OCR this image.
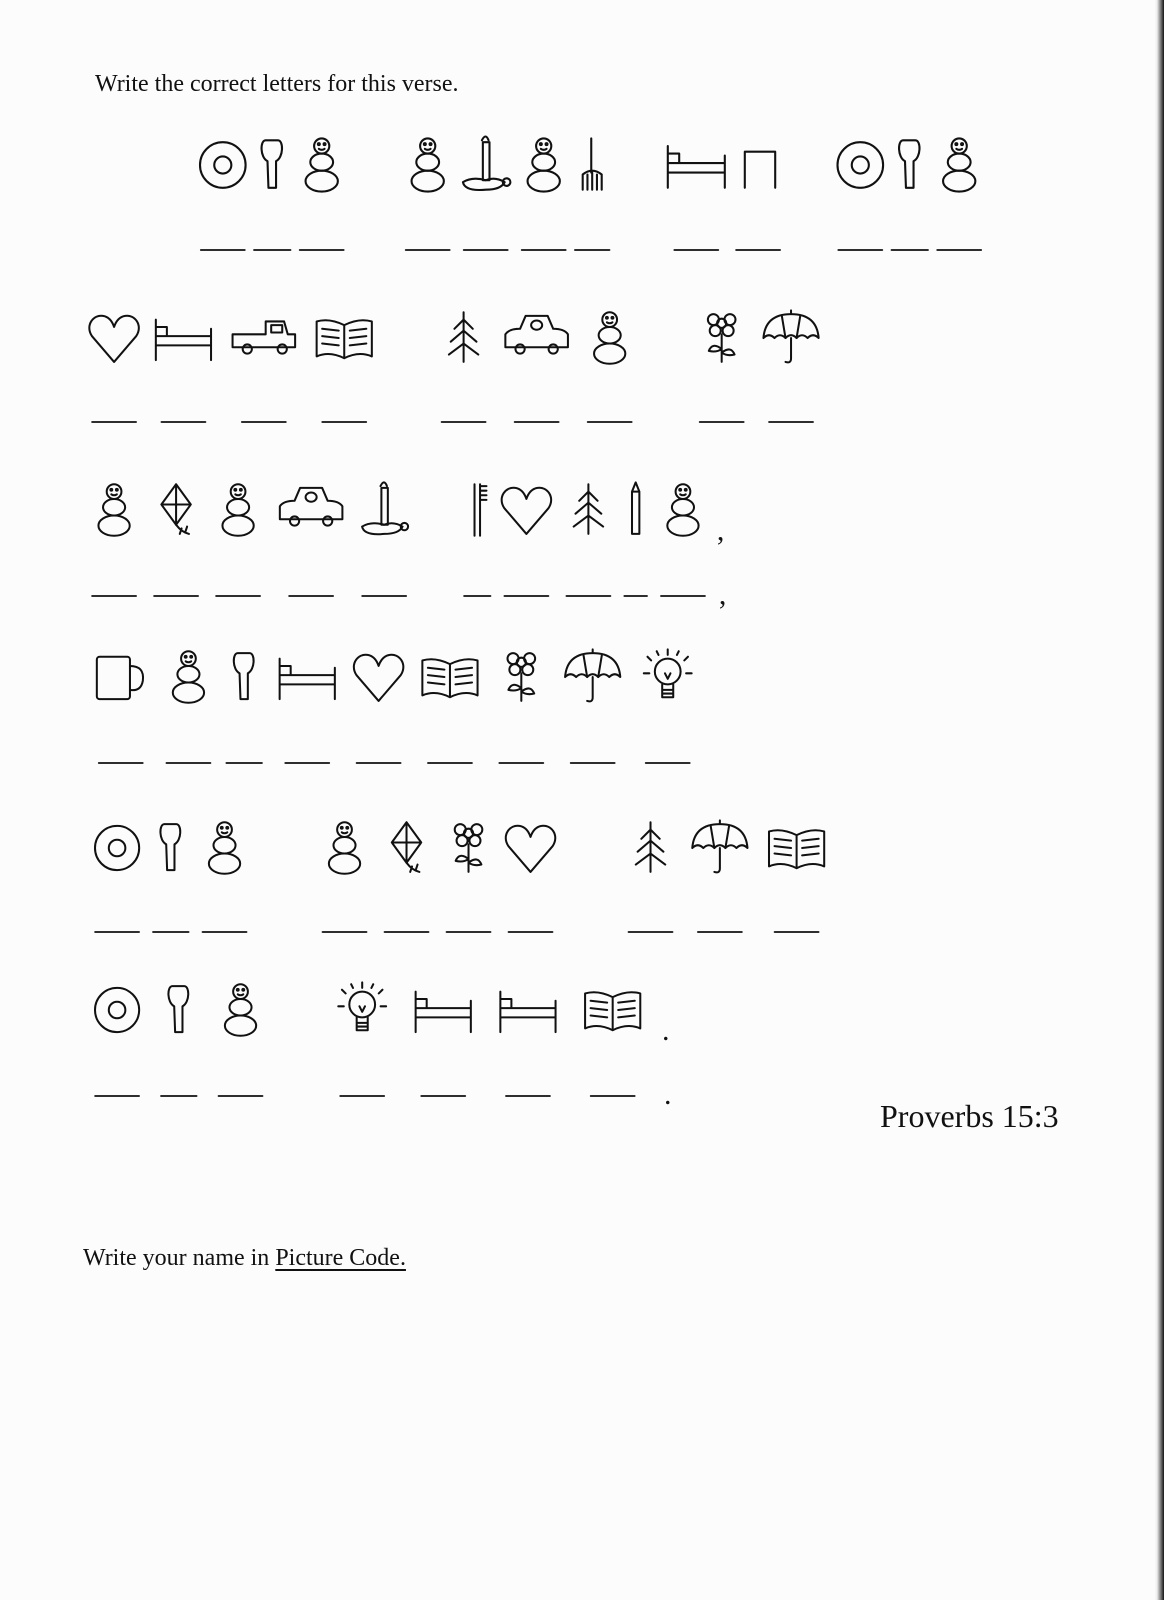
Write the correct letters for this verse.
,
,
.
.
Proverbs 15:3
Write your name in Picture Code.
